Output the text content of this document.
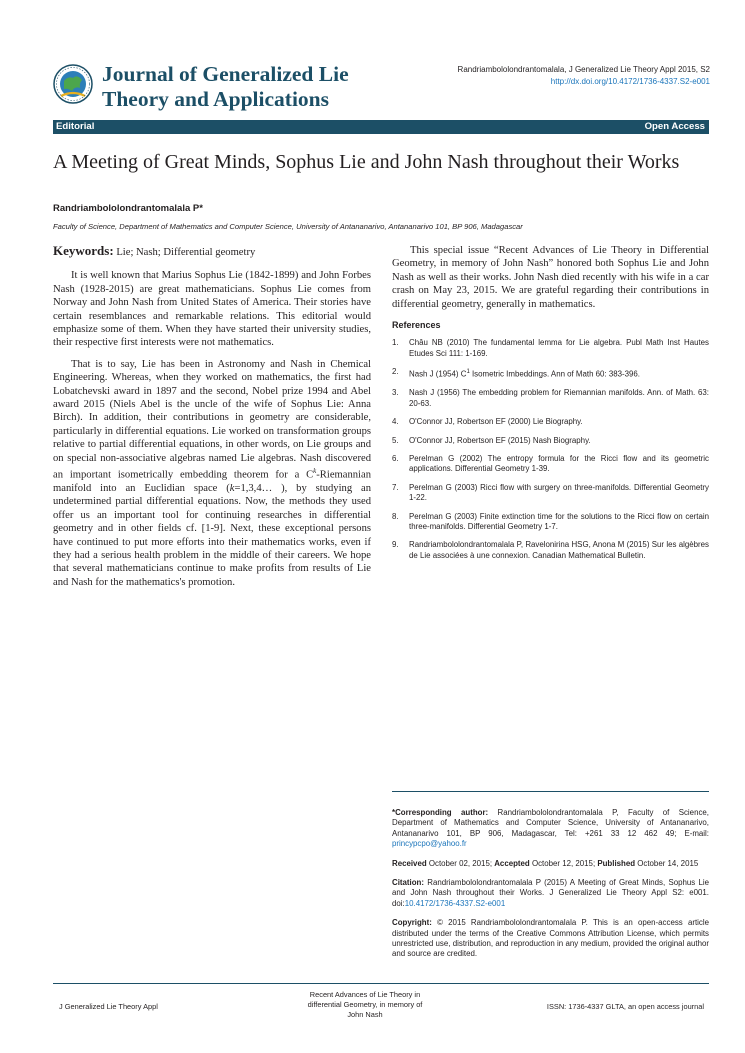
Journal of Generalized Lie
Theory and Applications
Randriambololondrantomalala, J Generalized Lie Theory Appl 2015, S2
http://dx.doi.org/10.4172/1736-4337.S2-e001
Editorial	Open Access
A Meeting of Great Minds, Sophus Lie and John Nash throughout their Works
Randriambololondrantomalala P*
Faculty of Science, Department of Mathematics and Computer Science, University of Antananarivo, Antananarivo 101, BP 906, Madagascar

Keywords: Lie; Nash; Differential geometry

It is well known that Marius Sophus Lie (1842-1899) and John Forbes Nash (1928-2015) are great mathematicians. Sophus Lie comes from Norway and John Nash from United States of America. Their stories have certain resemblances and remarkable relations. This editorial would emphasize some of them. When they have started their university studies, their respective first interests were not mathematics.

That is to say, Lie has been in Astronomy and Nash in Chemical Engineering. Whereas, when they worked on mathematics, the first had Lobatchevski award in 1897 and the second, Nobel prize 1994 and Abel award 2015 (Niels Abel is the uncle of the wife of Sophus Lie: Anna Birch). In addition, their contributions in geometry are considerable, particularly in differential equations. Lie worked on transformation groups relative to partial differential equations, in other words, on Lie groups and on special non-associative algebras named Lie algebras. Nash discovered an important isometrically embedding theorem for a $C^k$-Riemannian manifold into an Euclidian space (k=1,3,4… ), by studying an undetermined partial differential equations. Now, the methods they used offer us an important tool for continuing researches in differential geometry and in other fields cf. [1-9]. Next, these exceptional persons have continued to put more efforts into their mathematics works, even if they had a serious health problem in the middle of their careers. We hope that several mathematicians continue to make profits from results of Lie and Nash for the mathematics's promotion.

This special issue “Recent Advances of Lie Theory in Differential Geometry, in memory of John Nash” honored both Sophus Lie and John Nash as well as their works. John Nash died recently with his wife in a car crash on May 23, 2015. We are grateful regarding their contributions in differential geometry, generally in mathematics.

References
1. Châu NB (2010) The fundamental lemma for Lie algebra. Publ Math Inst Hautes Etudes Sci 111: 1-169.
2. Nash J (1954) $C^1$ Isometric Imbeddings. Ann of Math 60: 383-396.
3. Nash J (1956) The embedding problem for Riemannian manifolds. Ann. of Math. 63: 20-63.
4. O'Connor JJ, Robertson EF (2000) Lie Biography.
5. O'Connor JJ, Robertson EF (2015) Nash Biography.
6. Perelman G (2002) The entropy formula for the Ricci flow and its geometric applications. Differential Geometry 1-39.
7. Perelman G (2003) Ricci flow with surgery on three-manifolds. Differential Geometry 1-22.
8. Perelman G (2003) Finite extinction time for the solutions to the Ricci flow on certain three-manifolds. Differential Geometry 1-7.
9. Randriambololondrantomalala P, Ravelonirina HSG, Anona M (2015) Sur les algèbres de Lie associées à une connexion. Canadian Mathematical Bulletin.

*Corresponding author: Randriambololondrantomalala P, Faculty of Science, Department of Mathematics and Computer Science, University of Antananarivo, Antananarivo 101, BP 906, Madagascar, Tel: +261 33 12 462 49; E-mail: princypcpo@yahoo.fr

Received October 02, 2015; Accepted October 12, 2015; Published October 14, 2015

Citation: Randriambololondrantomalala P (2015) A Meeting of Great Minds, Sophus Lie and John Nash throughout their Works. J Generalized Lie Theory Appl S2: e001. doi:10.4172/1736-4337.S2-e001

Copyright: © 2015 Randriambololondrantomalala P. This is an open-access article distributed under the terms of the Creative Commons Attribution License, which permits unrestricted use, distribution, and reproduction in any medium, provided the original author and source are credited.

J Generalized Lie Theory Appl
Recent Advances of Lie Theory in
differential Geometry, in memory of
John Nash
ISSN: 1736-4337 GLTA, an open access journal
